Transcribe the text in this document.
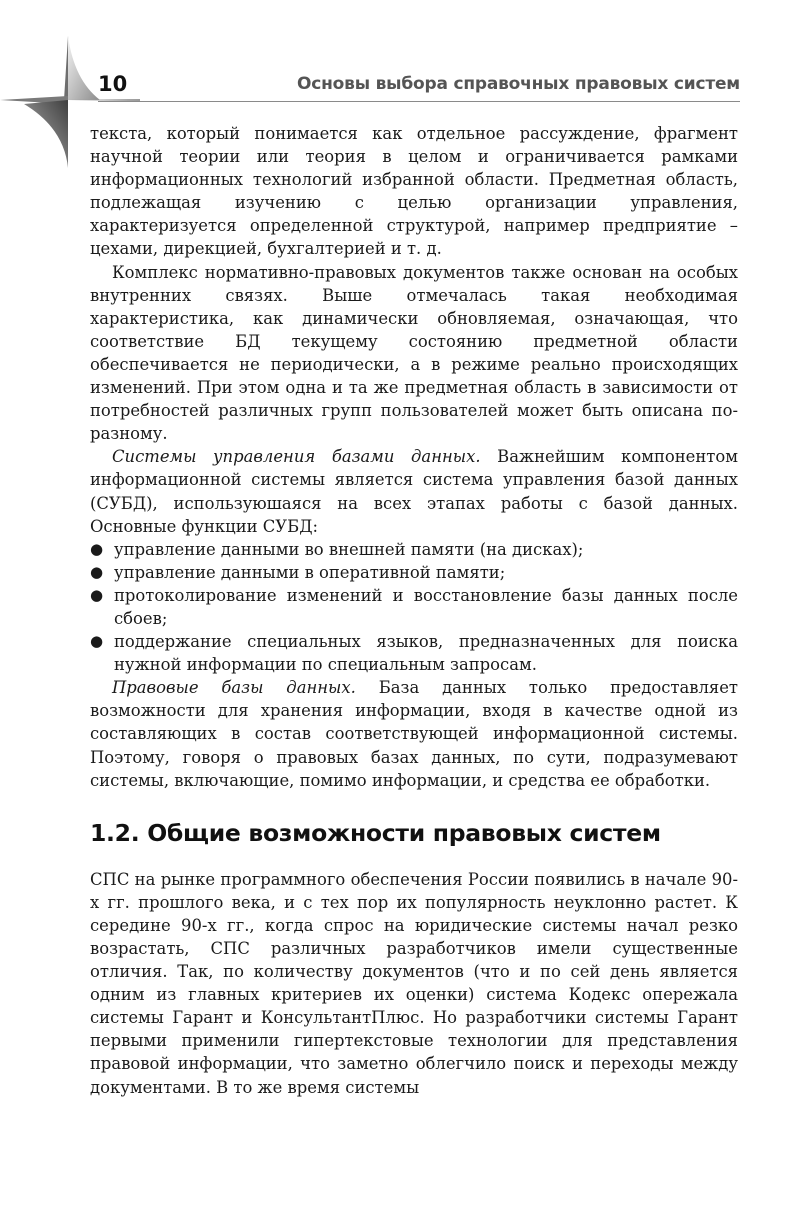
10	Основы выбора справочных правовых систем

текста, который понимается как отдельное рассуждение, фрагмент научной теории или теория в целом и ограничивается рамками информационных технологий избранной области. Предметная область, подлежащая изучению с целью организации управления, характеризуется определенной структурой, например предприятие – цехами, дирекцией, бухгалтерией и т. д.

Комплекс нормативно-правовых документов также основан на особых внутренних связях. Выше отмечалась такая необходимая характеристика, как динамически обновляемая, означающая, что соответствие БД текущему состоянию предметной области обеспечивается не периодически, а в режиме реально происходящих изменений. При этом одна и та же предметная область в зависимости от потребностей различных групп пользователей может быть описана по-разному.

Системы управления базами данных. Важнейшим компонентом информационной системы является система управления базой данных (СУБД), используюшаяся на всех этапах работы с базой данных. Основные функции СУБД:

● управление данными во внешней памяти (на дисках);
● управление данными в оперативной памяти;
● протоколирование изменений и восстановление базы данных после сбоев;
● поддержание специальных языков, предназначенных для поиска нужной информации по специальным запросам.

Правовые базы данных. База данных только предоставляет возможности для хранения информации, входя в качестве одной из составляющих в состав соответствующей информационной системы. Поэтому, говоря о правовых базах данных, по сути, подразумевают системы, включающие, помимо информации, и средства ее обработки.

1.2. Общие возможности правовых систем

СПС на рынке программного обеспечения России появились в начале 90-х гг. прошлого века, и с тех пор их популярность неуклонно растет. К середине 90-х гг., когда спрос на юридические системы начал резко возрастать, СПС различных разработчиков имели существенные отличия. Так, по количеству документов (что и по сей день является одним из главных критериев их оценки) система Кодекс опережала системы Гарант и КонсультантПлюс. Но разработчики системы Гарант первыми применили гипертекстовые технологии для представления правовой информации, что заметно облегчило поиск и переходы между документами. В то же время системы
